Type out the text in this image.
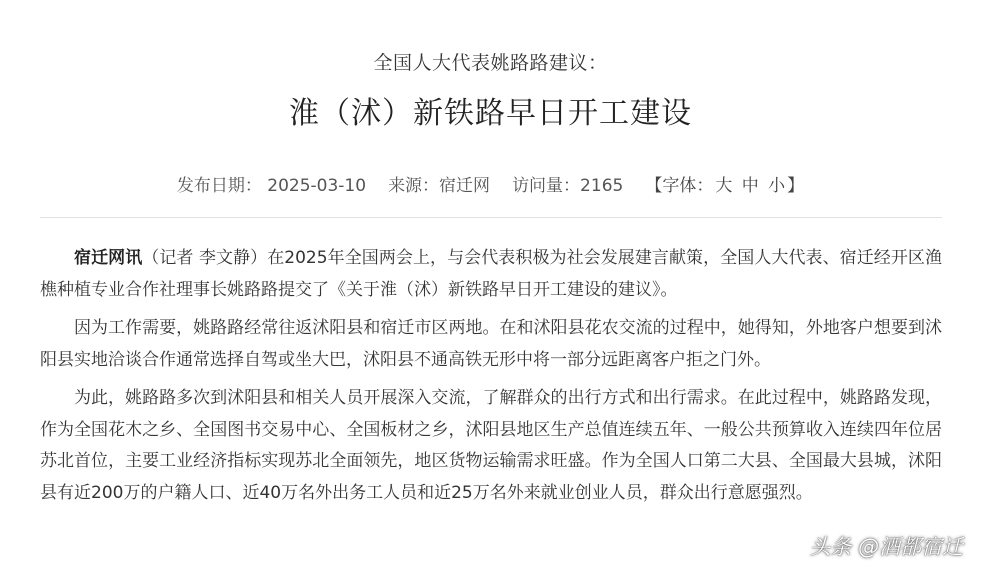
全国人大代表姚路路建议：
淮（沭）新铁路早日开工建设
发布日期： 2025-03-10 来源：宿迁网 访问量：2165 【字体： 大 中 小 】

宿迁网讯（记者 李文静）在2025年全国两会上，与会代表积极为社会发展建言献策，全国人大代表、宿迁经开区渔樵种植专业合作社理事长姚路路提交了《关于淮（沭）新铁路早日开工建设的建议》。

因为工作需要，姚路路经常往返沭阳县和宿迁市区两地。在和沭阳县花农交流的过程中，她得知，外地客户想要到沭阳县实地洽谈合作通常选择自驾或坐大巴，沭阳县不通高铁无形中将一部分远距离客户拒之门外。

为此，姚路路多次到沭阳县和相关人员开展深入交流，了解群众的出行方式和出行需求。在此过程中，姚路路发现，作为全国花木之乡、全国图书交易中心、全国板材之乡，沭阳县地区生产总值连续五年、一般公共预算收入连续四年位居苏北首位，主要工业经济指标实现苏北全面领先，地区货物运输需求旺盛。作为全国人口第二大县、全国最大县城，沭阳县有近200万的户籍人口、近40万名外出务工人员和近25万名外来就业创业人员，群众出行意愿强烈。

头条 @酒都宿迁
